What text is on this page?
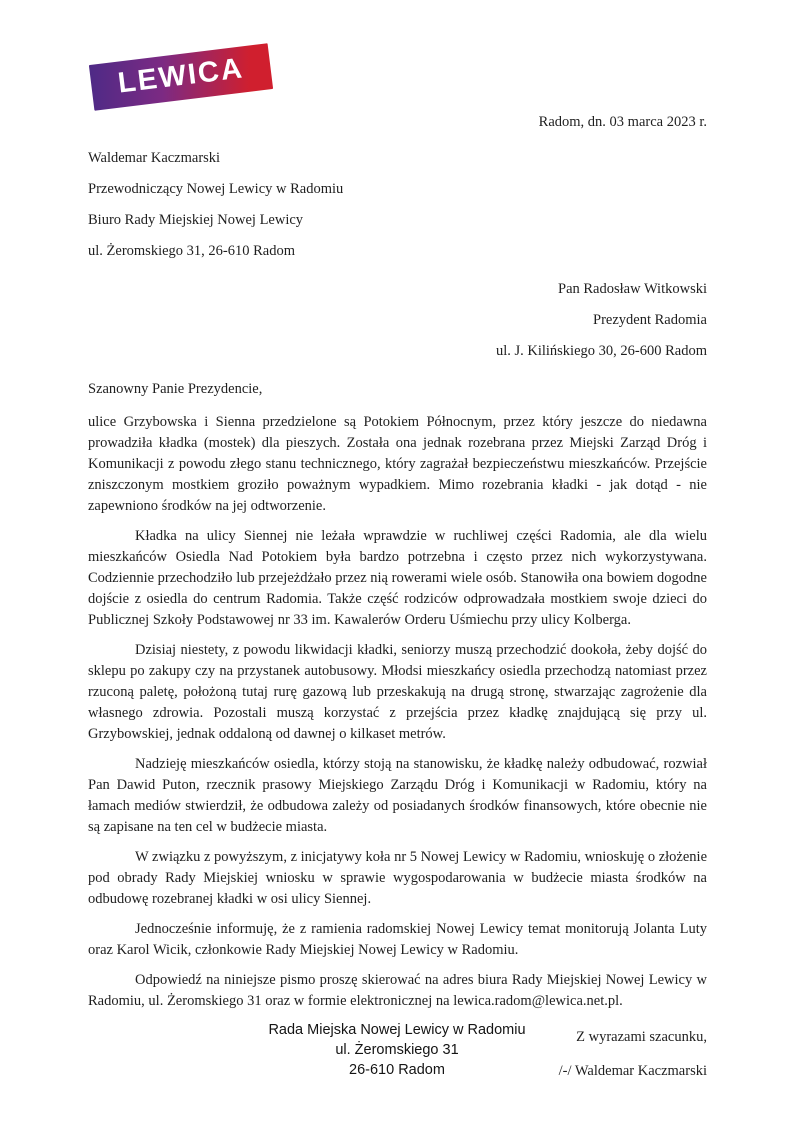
LEWICA

Radom, dn. 03 marca 2023 r.

Waldemar Kaczmarski

Przewodniczący Nowej Lewicy w Radomiu

Biuro Rady Miejskiej Nowej Lewicy

ul. Żeromskiego 31, 26-610 Radom

Pan Radosław Witkowski

Prezydent Radomia

ul. J. Kilińskiego 30, 26-600 Radom

Szanowny Panie Prezydencie,

ulice Grzybowska i Sienna przedzielone są Potokiem Północnym, przez który jeszcze do niedawna prowadziła kładka (mostek) dla pieszych. Została ona jednak rozebrana przez Miejski Zarząd Dróg i Komunikacji z powodu złego stanu technicznego, który zagrażał bezpieczeństwu mieszkańców. Przejście zniszczonym mostkiem groziło poważnym wypadkiem. Mimo rozebrania kładki - jak dotąd - nie zapewniono środków na jej odtworzenie.

Kładka na ulicy Siennej nie leżała wprawdzie w ruchliwej części Radomia, ale dla wielu mieszkańców Osiedla Nad Potokiem była bardzo potrzebna i często przez nich wykorzystywana. Codziennie przechodziło lub przejeżdżało przez nią rowerami wiele osób. Stanowiła ona bowiem dogodne dojście z osiedla do centrum Radomia. Także część rodziców odprowadzała mostkiem swoje dzieci do Publicznej Szkoły Podstawowej nr 33 im. Kawalerów Orderu Uśmiechu przy ulicy Kolberga.

Dzisiaj niestety, z powodu likwidacji kładki, seniorzy muszą przechodzić dookoła, żeby dojść do sklepu po zakupy czy na przystanek autobusowy. Młodsi mieszkańcy osiedla przechodzą natomiast przez rzuconą paletę, położoną tutaj rurę gazową lub przeskakują na drugą stronę, stwarzając zagrożenie dla własnego zdrowia. Pozostali muszą korzystać z przejścia przez kładkę znajdującą się przy ul. Grzybowskiej, jednak oddaloną od dawnej o kilkaset metrów.

Nadzieję mieszkańców osiedla, którzy stoją na stanowisku, że kładkę należy odbudować, rozwiał Pan Dawid Puton, rzecznik prasowy Miejskiego Zarządu Dróg i Komunikacji w Radomiu, który na łamach mediów stwierdził, że odbudowa zależy od posiadanych środków finansowych, które obecnie nie są zapisane na ten cel w budżecie miasta.

W związku z powyższym, z inicjatywy koła nr 5 Nowej Lewicy w Radomiu, wnioskuję o złożenie pod obrady Rady Miejskiej wniosku w sprawie wygospodarowania w budżecie miasta środków na odbudowę rozebranej kładki w osi ulicy Siennej.

Jednocześnie informuję, że z ramienia radomskiej Nowej Lewicy temat monitorują Jolanta Luty oraz Karol Wicik, członkowie Rady Miejskiej Nowej Lewicy w Radomiu.

Odpowiedź na niniejsze pismo proszę skierować na adres biura Rady Miejskiej Nowej Lewicy w Radomiu, ul. Żeromskiego 31 oraz w formie elektronicznej na lewica.radom@lewica.net.pl.

Z wyrazami szacunku,

/-/ Waldemar Kaczmarski

Rada Miejska Nowej Lewicy w Radomiu

ul. Żeromskiego 31

26-610 Radom
